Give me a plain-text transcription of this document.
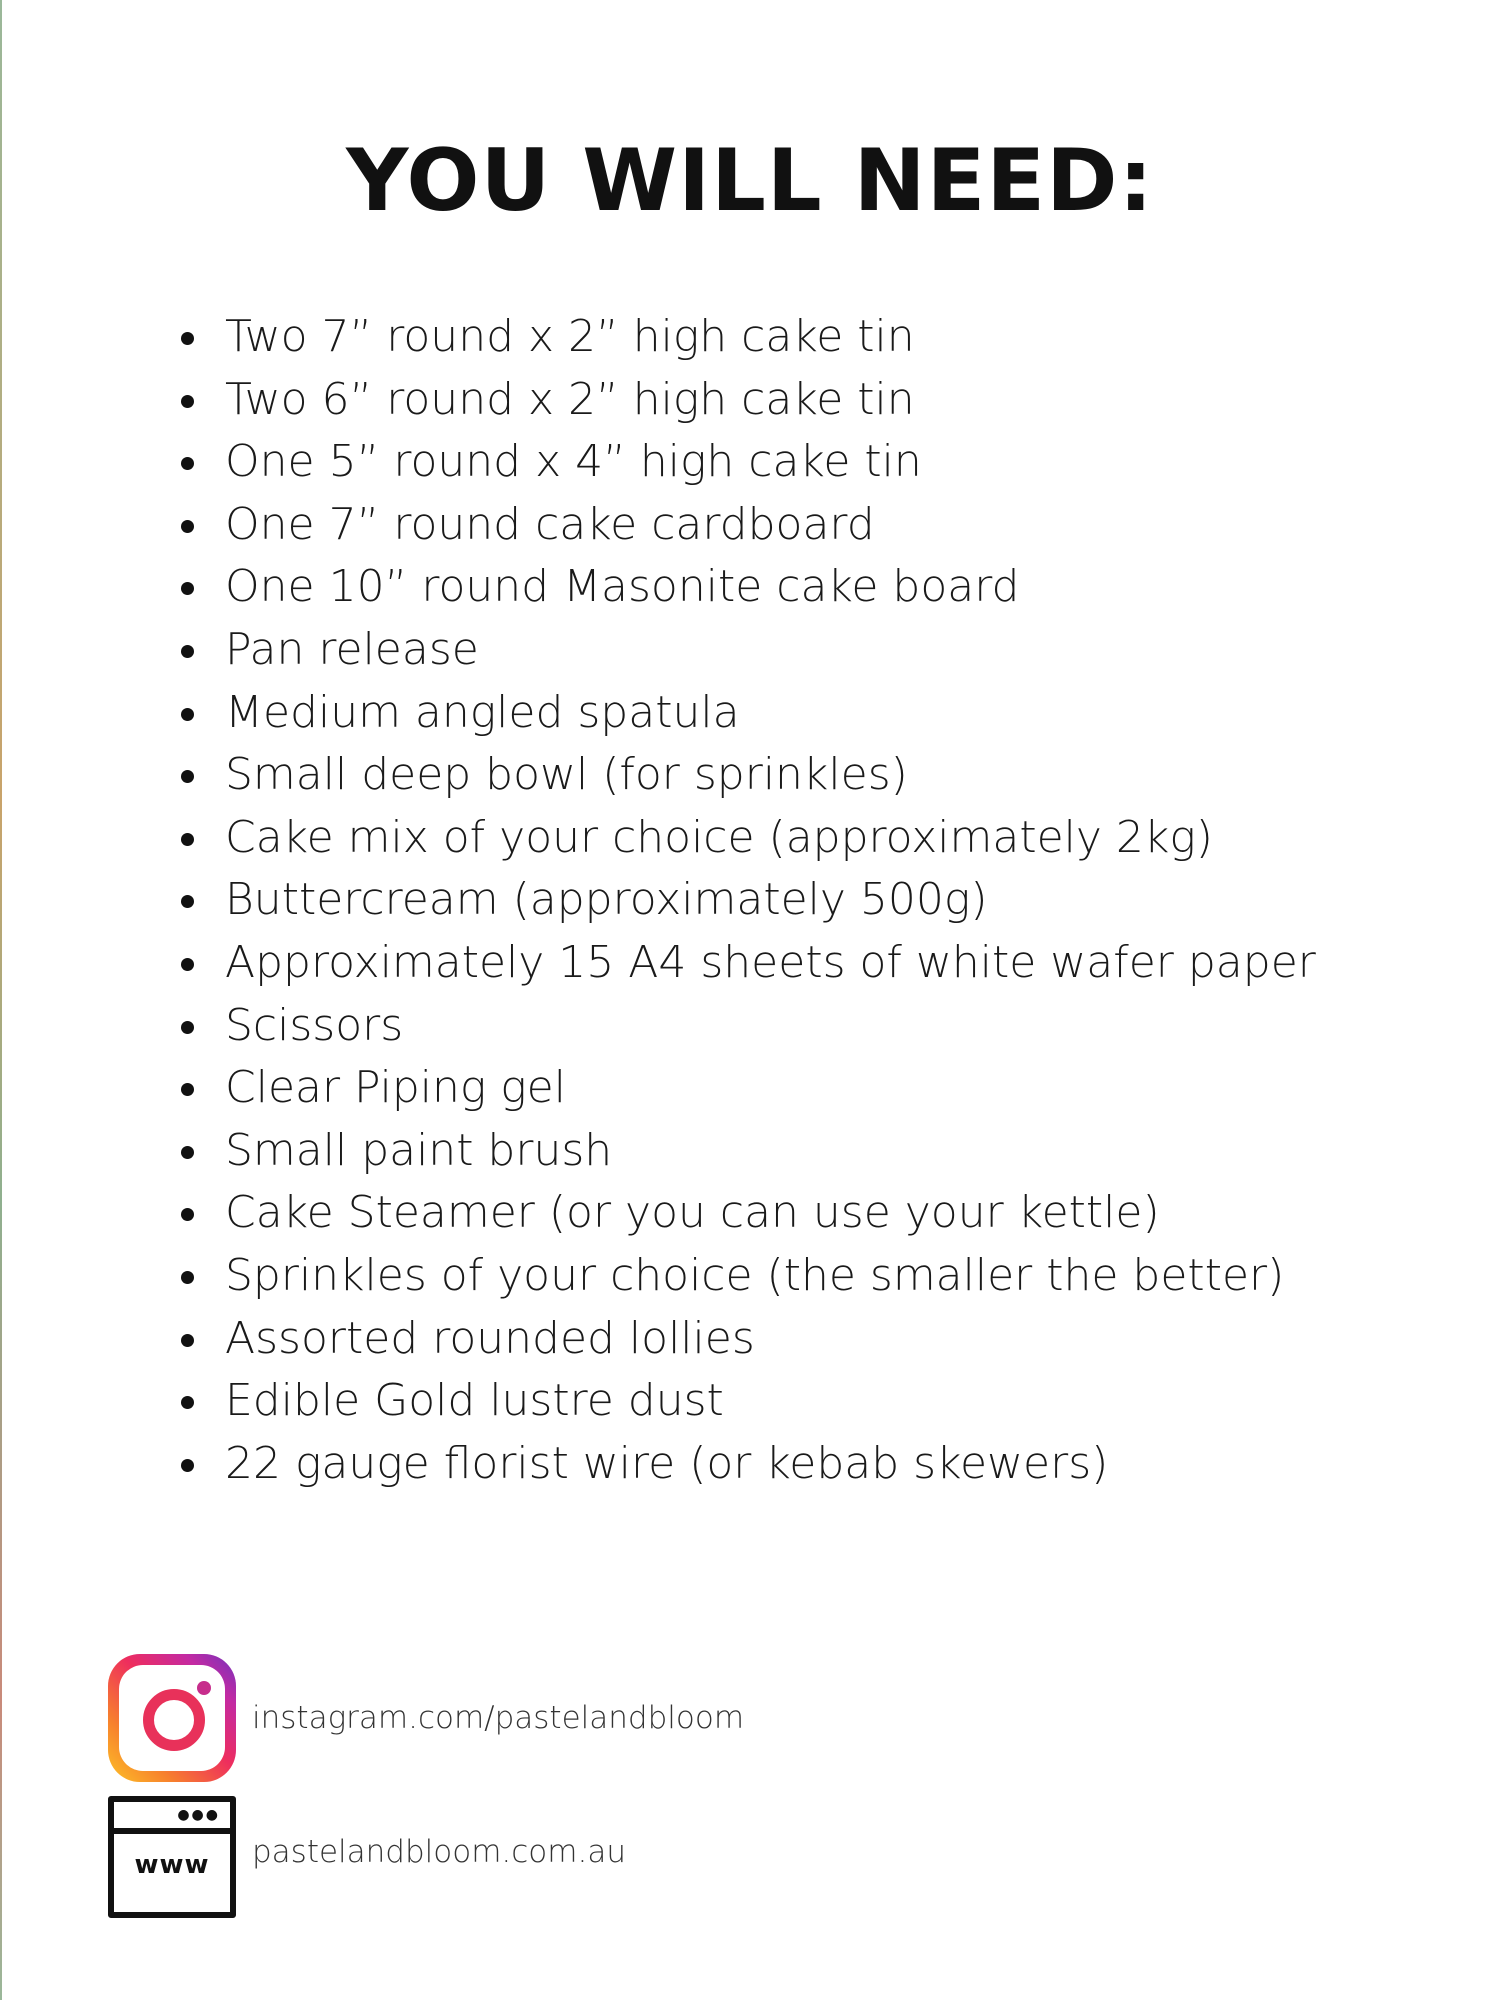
YOU WILL NEED:
Two 7” round x 2” high cake tin
Two 6” round x 2” high cake tin
One 5” round x 4” high cake tin
One 7” round cake cardboard
One 10” round Masonite cake board
Pan release
Medium angled spatula
Small deep bowl (for sprinkles)
Cake mix of your choice (approximately 2kg)
Buttercream (approximately 500g)
Approximately 15 A4 sheets of white wafer paper
Scissors
Clear Piping gel
Small paint brush
Cake Steamer (or you can use your kettle)
Sprinkles of your choice (the smaller the better)
Assorted rounded lollies
Edible Gold lustre dust
22 gauge florist wire (or kebab skewers)
instagram.com/pastelandbloom
●●●
www	pastelandbloom.com.au
